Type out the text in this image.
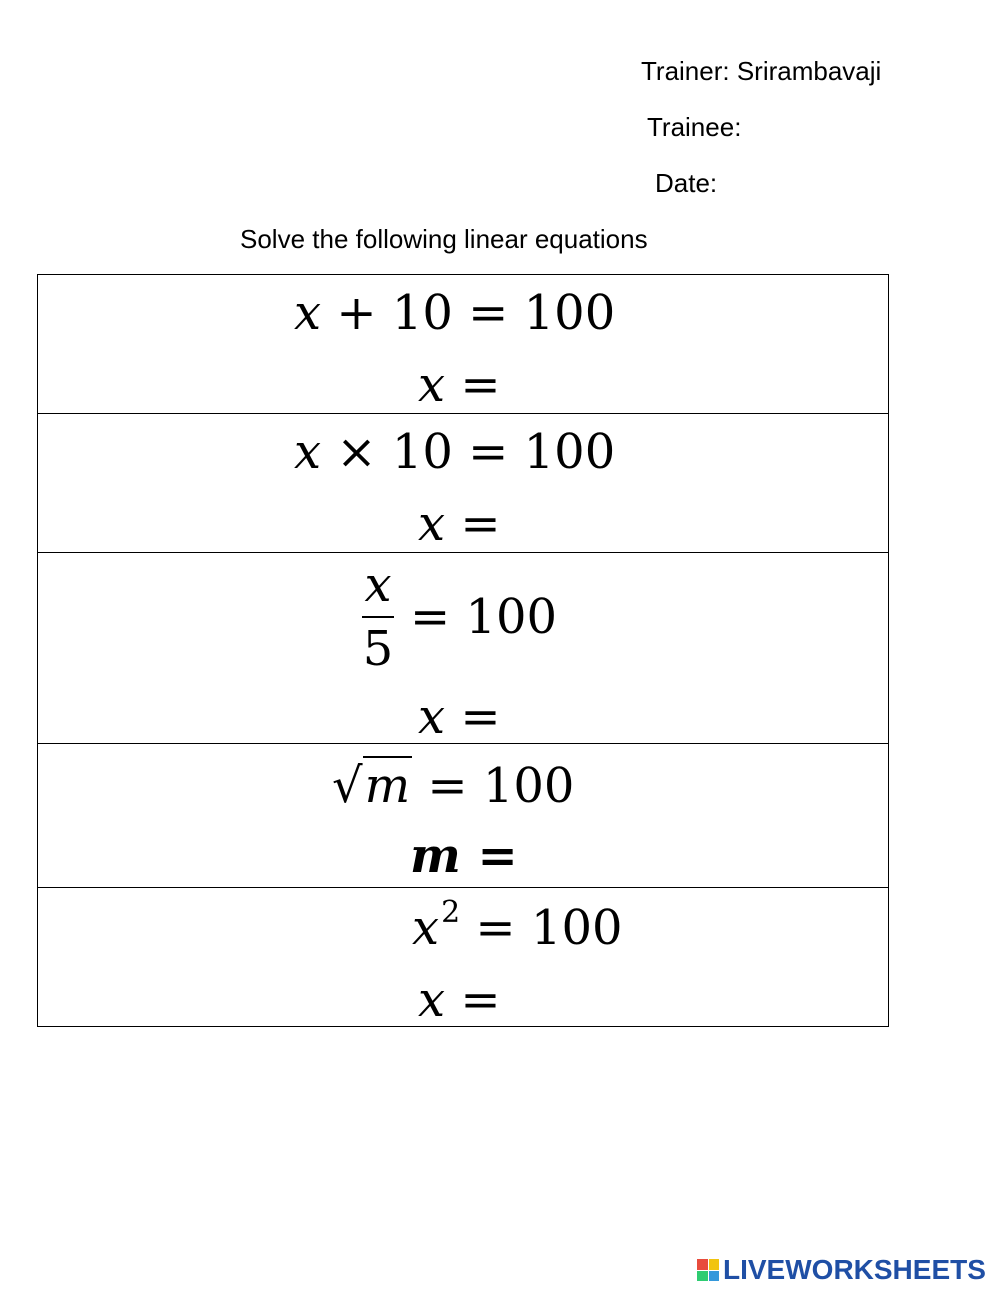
Trainer: Srirambavaji
Trainee:
Date:
Solve the following linear equations
x + 10 = 100
x =
x × 10 = 100
x =
x
5
= 100
x =
√m = 100
m =
$x^2 = 100$
x =
LIVEWORKSHEETS
